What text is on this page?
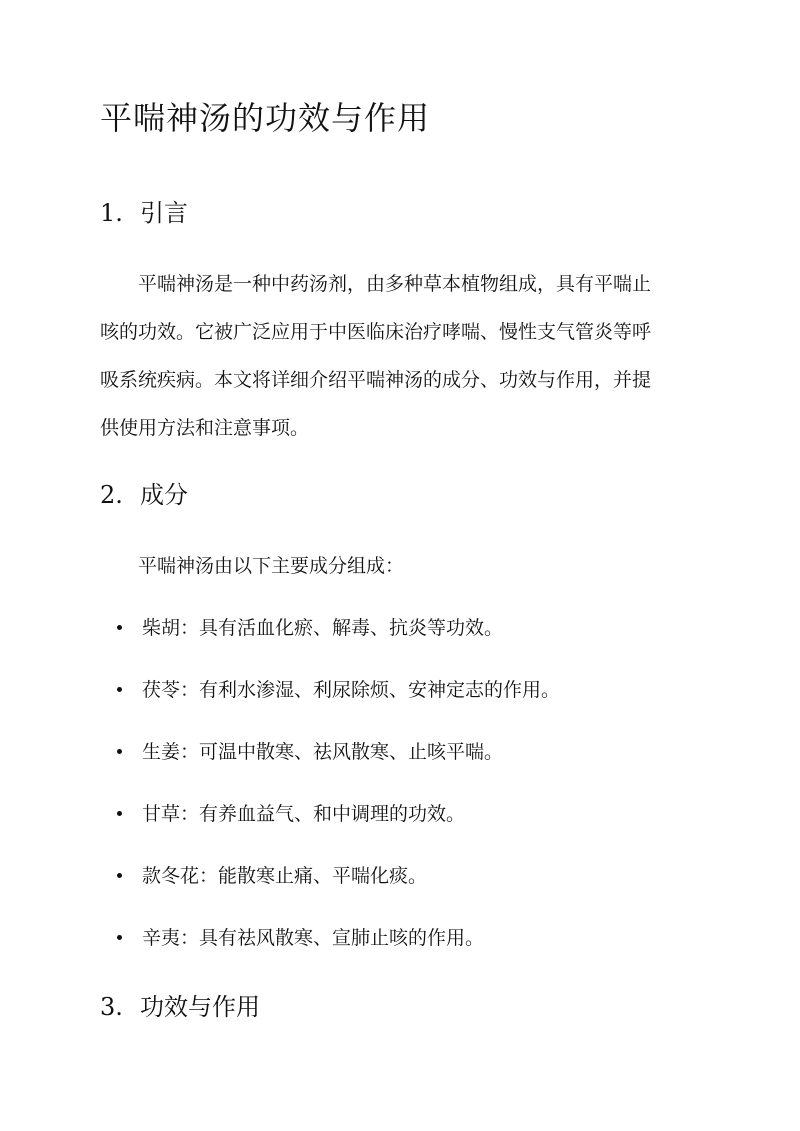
平喘神汤的功效与作用
1. 引言
平喘神汤是一种中药汤剂，由多种草本植物组成，具有平喘止
咳的功效。它被广泛应用于中医临床治疗哮喘、慢性支气管炎等呼
吸系统疾病。本文将详细介绍平喘神汤的成分、功效与作用，并提
供使用方法和注意事项。
2. 成分

平喘神汤由以下主要成分组成：

柴胡：具有活血化瘀、解毒、抗炎等功效。
茯苓：有利水渗湿、利尿除烦、安神定志的作用。
生姜：可温中散寒、祛风散寒、止咳平喘。
甘草：有养血益气、和中调理的功效。
款冬花：能散寒止痛、平喘化痰。
辛夷：具有祛风散寒、宣肺止咳的作用。
3. 功效与作用
